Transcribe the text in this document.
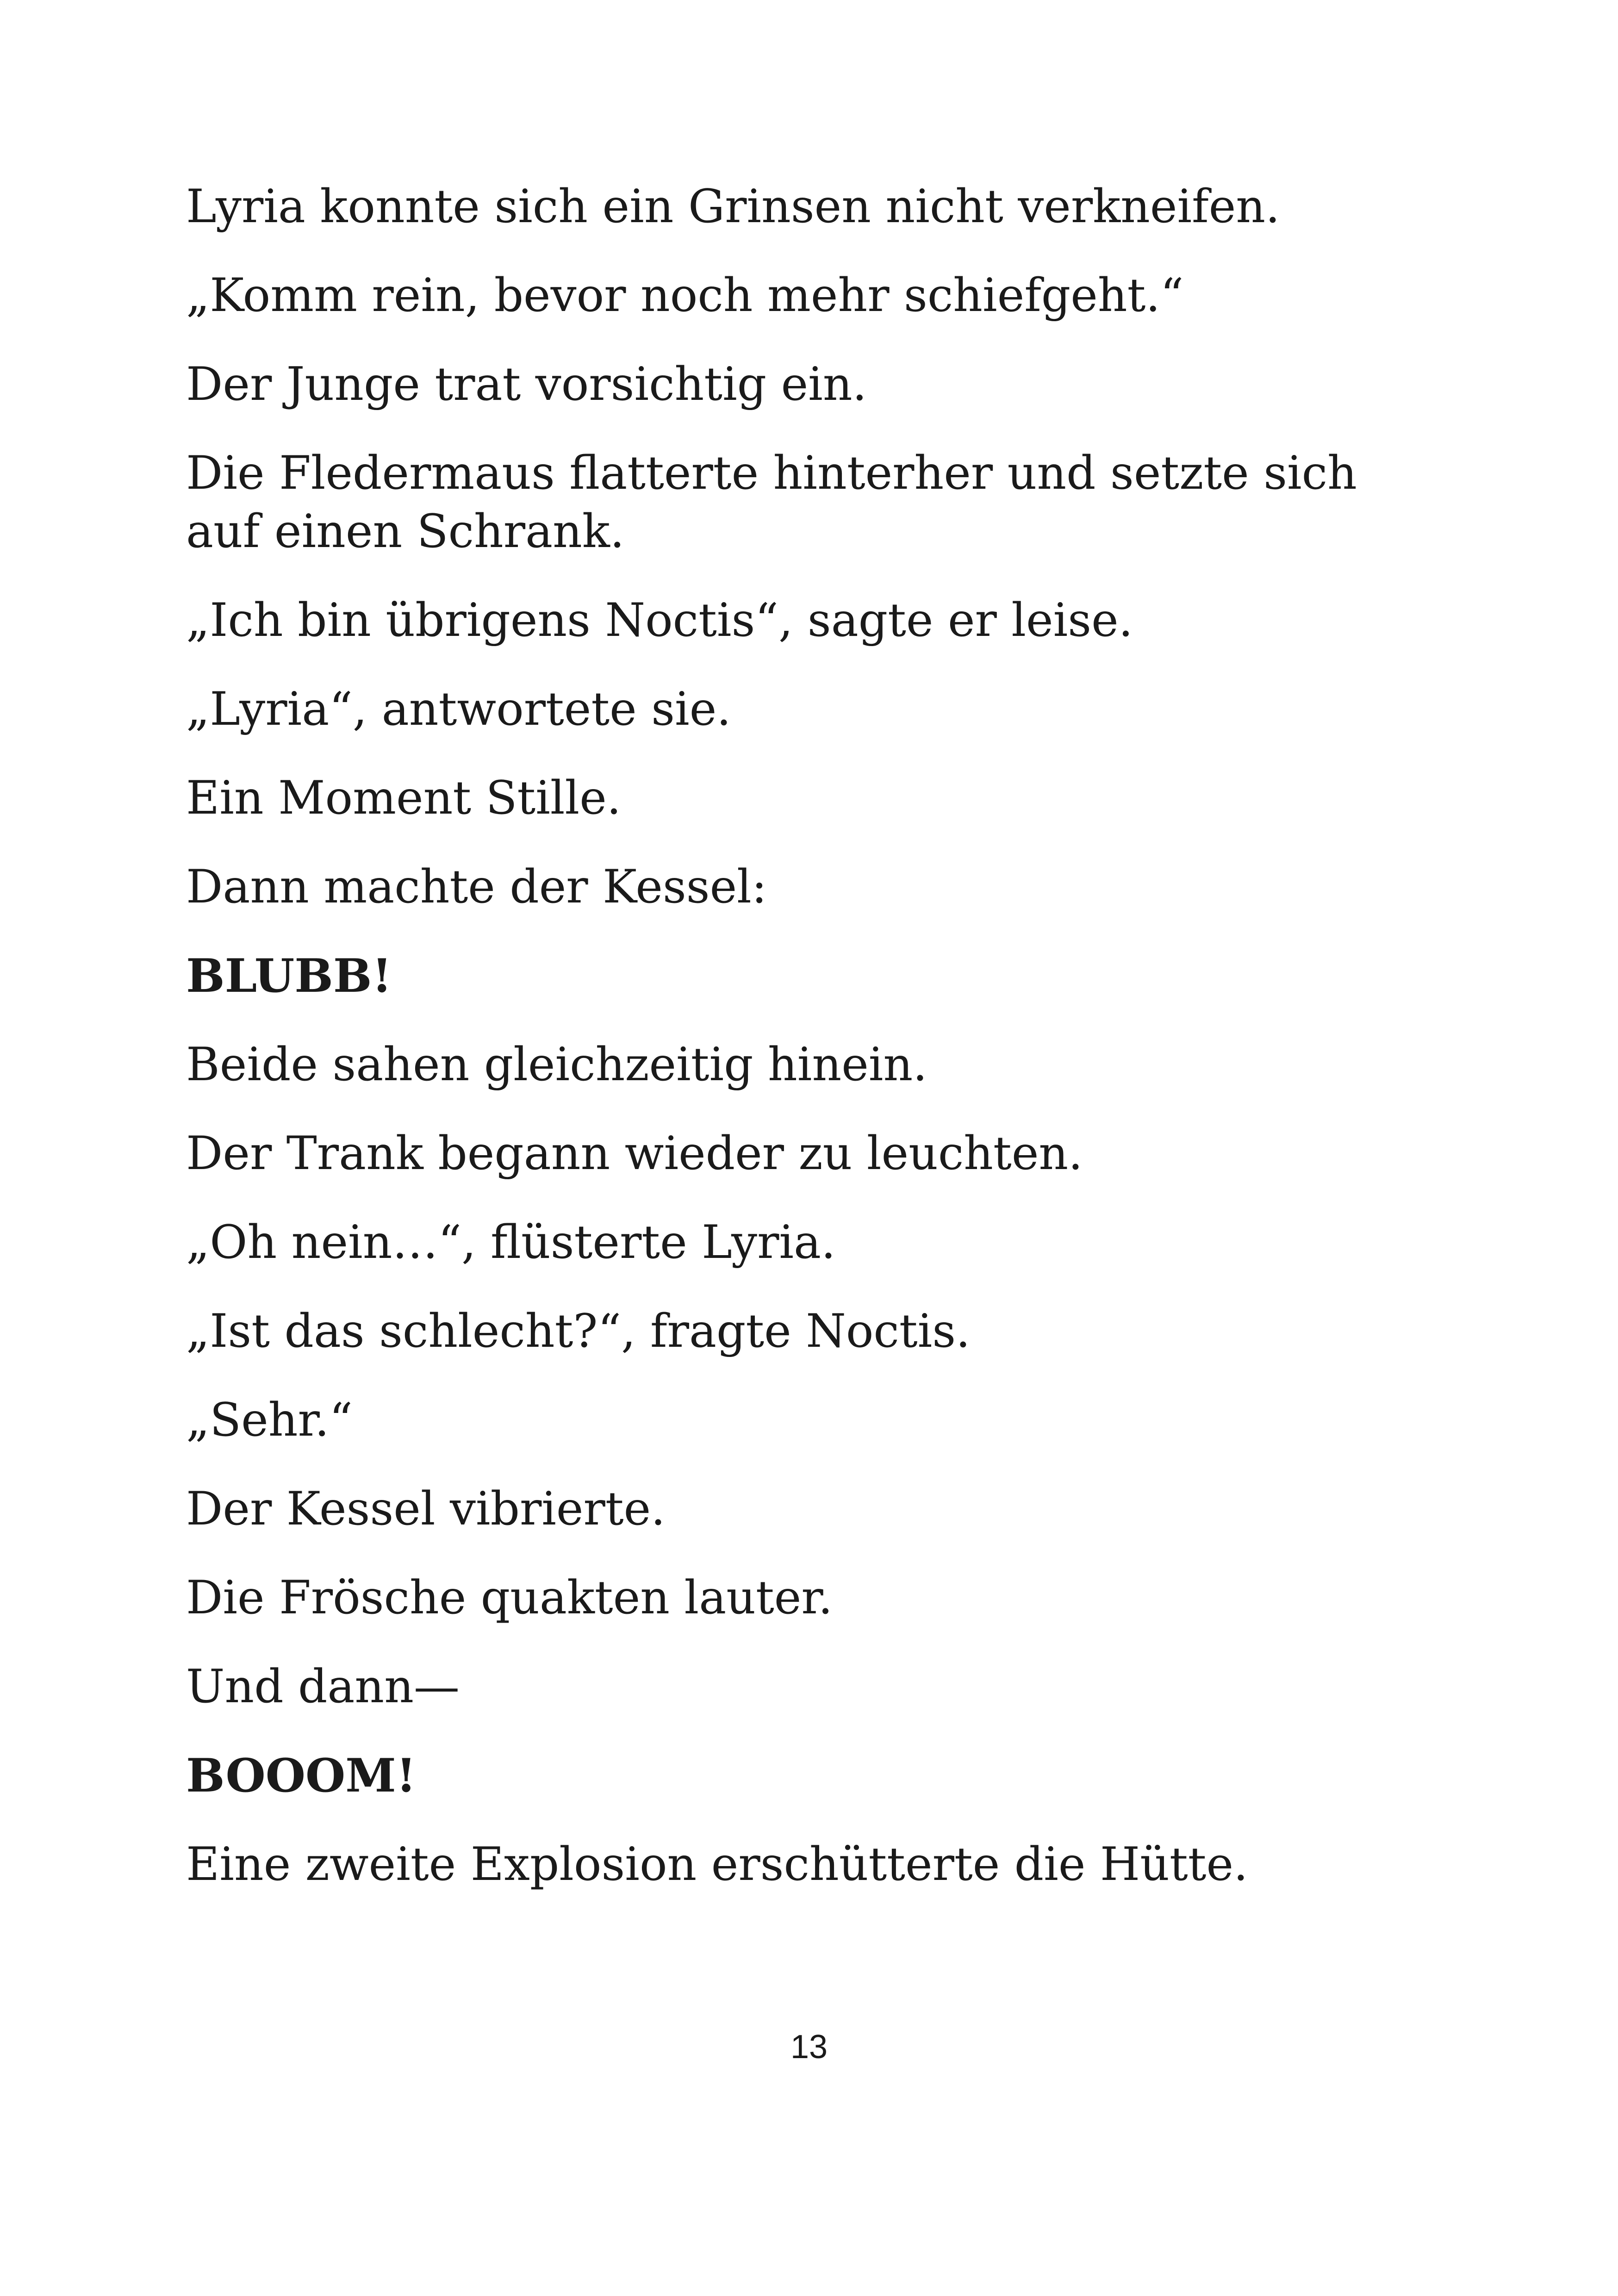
Lyria konnte sich ein Grinsen nicht verkneifen.

„Komm rein, bevor noch mehr schiefgeht.“

Der Junge trat vorsichtig ein.

Die Fledermaus flatterte hinterher und setzte sich auf einen Schrank.

„Ich bin übrigens Noctis“, sagte er leise.

„Lyria“, antwortete sie.

Ein Moment Stille.

Dann machte der Kessel:

BLUBB!

Beide sahen gleichzeitig hinein.

Der Trank begann wieder zu leuchten.

„Oh nein…“, flüsterte Lyria.

„Ist das schlecht?“, fragte Noctis.

„Sehr.“

Der Kessel vibrierte.

Die Frösche quakten lauter.

Und dann—

BOOOM!

Eine zweite Explosion erschütterte die Hütte.

13
